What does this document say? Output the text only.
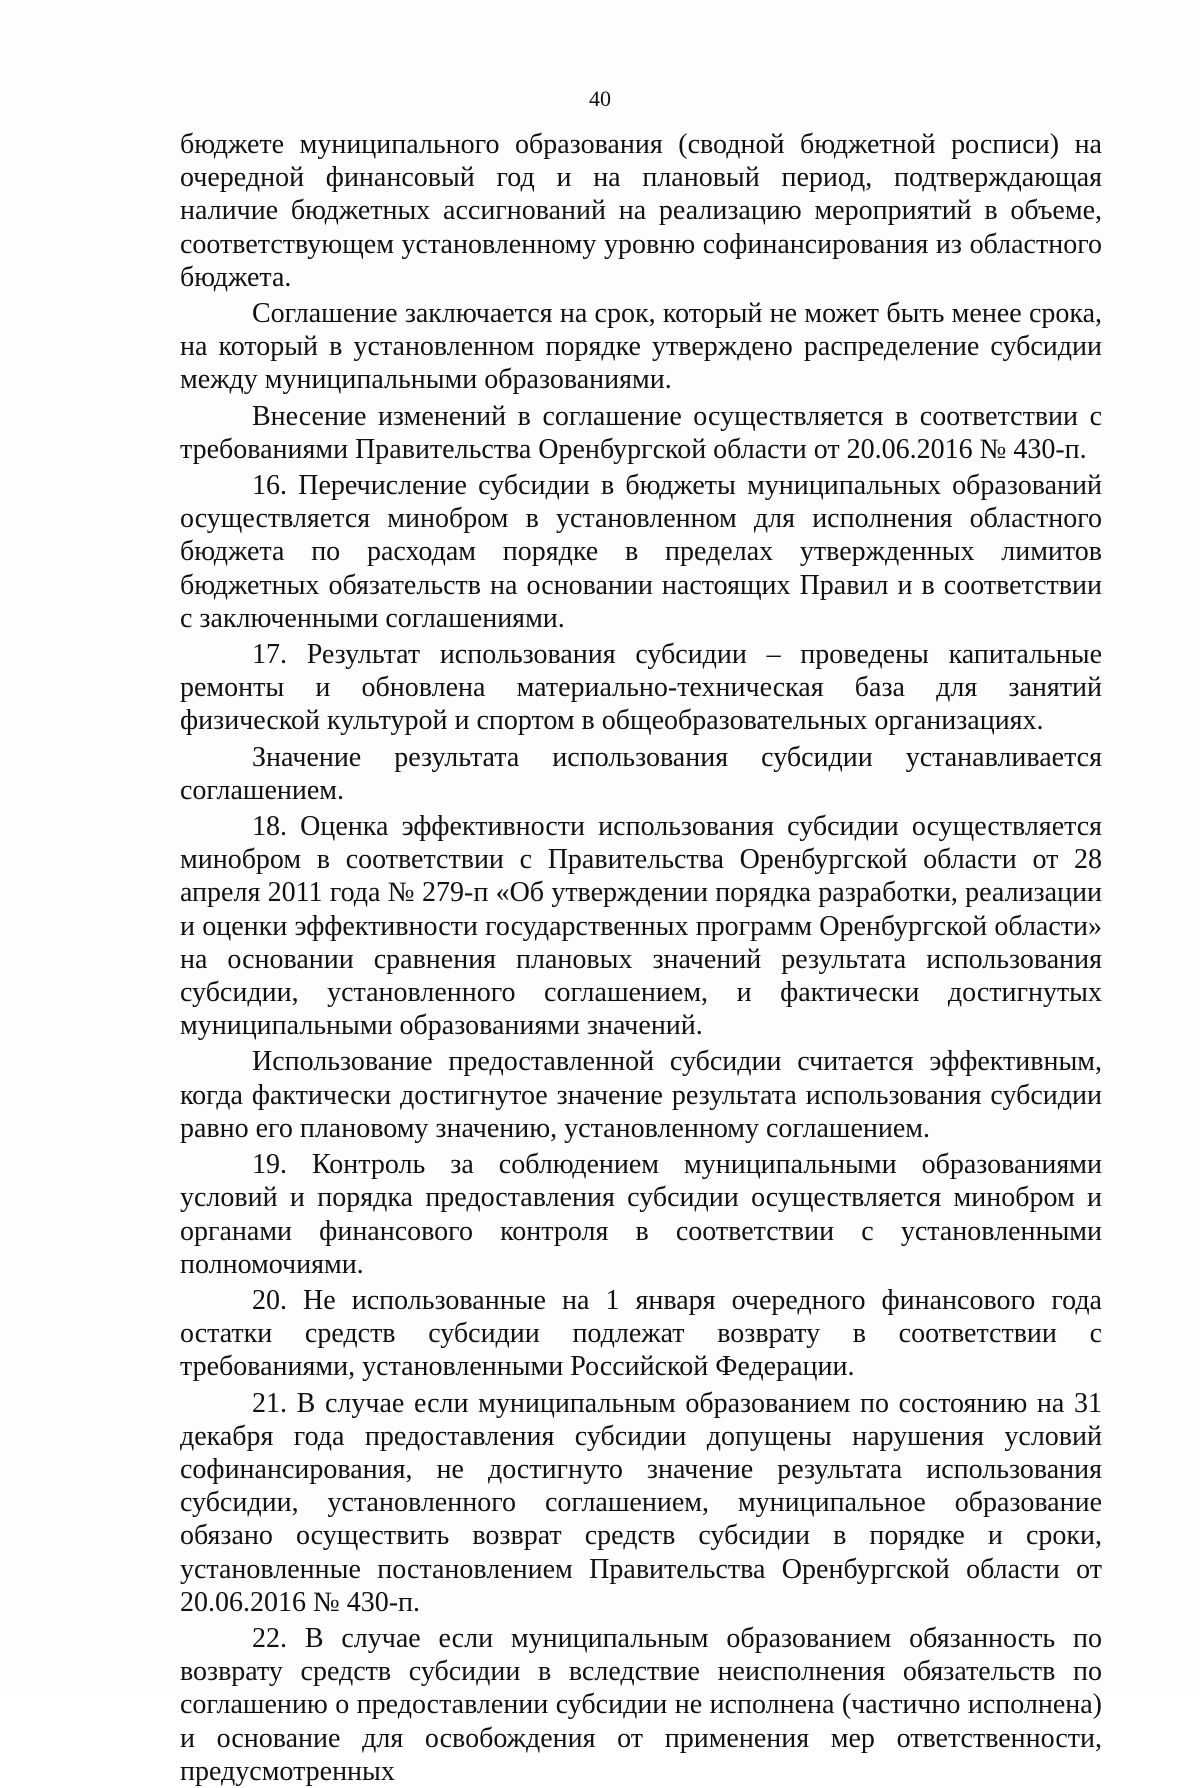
40

бюджете муниципального образования (сводной бюджетной росписи) на очередной финансовый год и на плановый период, подтверждающая наличие бюджетных ассигнований на реализацию мероприятий в объеме, соответствующем установленному уровню софинансирования из областного бюджета.

Соглашение заключается на срок, который не может быть менее срока, на который в установленном порядке утверждено распределение субсидии между муниципальными образованиями.

Внесение изменений в соглашение осуществляется в соответствии с требованиями Правительства Оренбургской области от 20.06.2016 № 430-п.

16. Перечисление субсидии в бюджеты муниципальных образований осуществляется минобром в установленном для исполнения областного бюджета по расходам порядке в пределах утвержденных лимитов бюджетных обязательств на основании настоящих Правил и в соответствии с заключенными соглашениями.

17. Результат использования субсидии – проведены капитальные ремонты и обновлена материально-техническая база для занятий физической культурой и спортом в общеобразовательных организациях.

Значение результата использования субсидии устанавливается соглашением.

18. Оценка эффективности использования субсидии осуществляется минобром в соответствии с Правительства Оренбургской области от 28 апреля 2011 года № 279-п «Об утверждении порядка разработки, реализации и оценки эффективности государственных программ Оренбургской области» на основании сравнения плановых значений результата использования субсидии, установленного соглашением, и фактически достигнутых муниципальными образованиями значений.

Использование предоставленной субсидии считается эффективным, когда фактически достигнутое значение результата использования субсидии равно его плановому значению, установленному соглашением.

19. Контроль за соблюдением муниципальными образованиями условий и порядка предоставления субсидии осуществляется минобром и органами финансового контроля в соответствии с установленными полномочиями.

20. Не использованные на 1 января очередного финансового года остатки средств субсидии подлежат возврату в соответствии с требованиями, установленными Российской Федерации.

21. В случае если муниципальным образованием по состоянию на 31 декабря года предоставления субсидии допущены нарушения условий софинансирования, не достигнуто значение результата использования субсидии, установленного соглашением, муниципальное образование обязано осуществить возврат средств субсидии в порядке и сроки, установленные постановлением Правительства Оренбургской области от 20.06.2016 № 430-п.

22. В случае если муниципальным образованием обязанность по возврату средств субсидии в вследствие неисполнения обязательств по соглашению о предоставлении субсидии не исполнена (частично исполнена) и основание для освобождения от применения мер ответственности, предусмотренных
